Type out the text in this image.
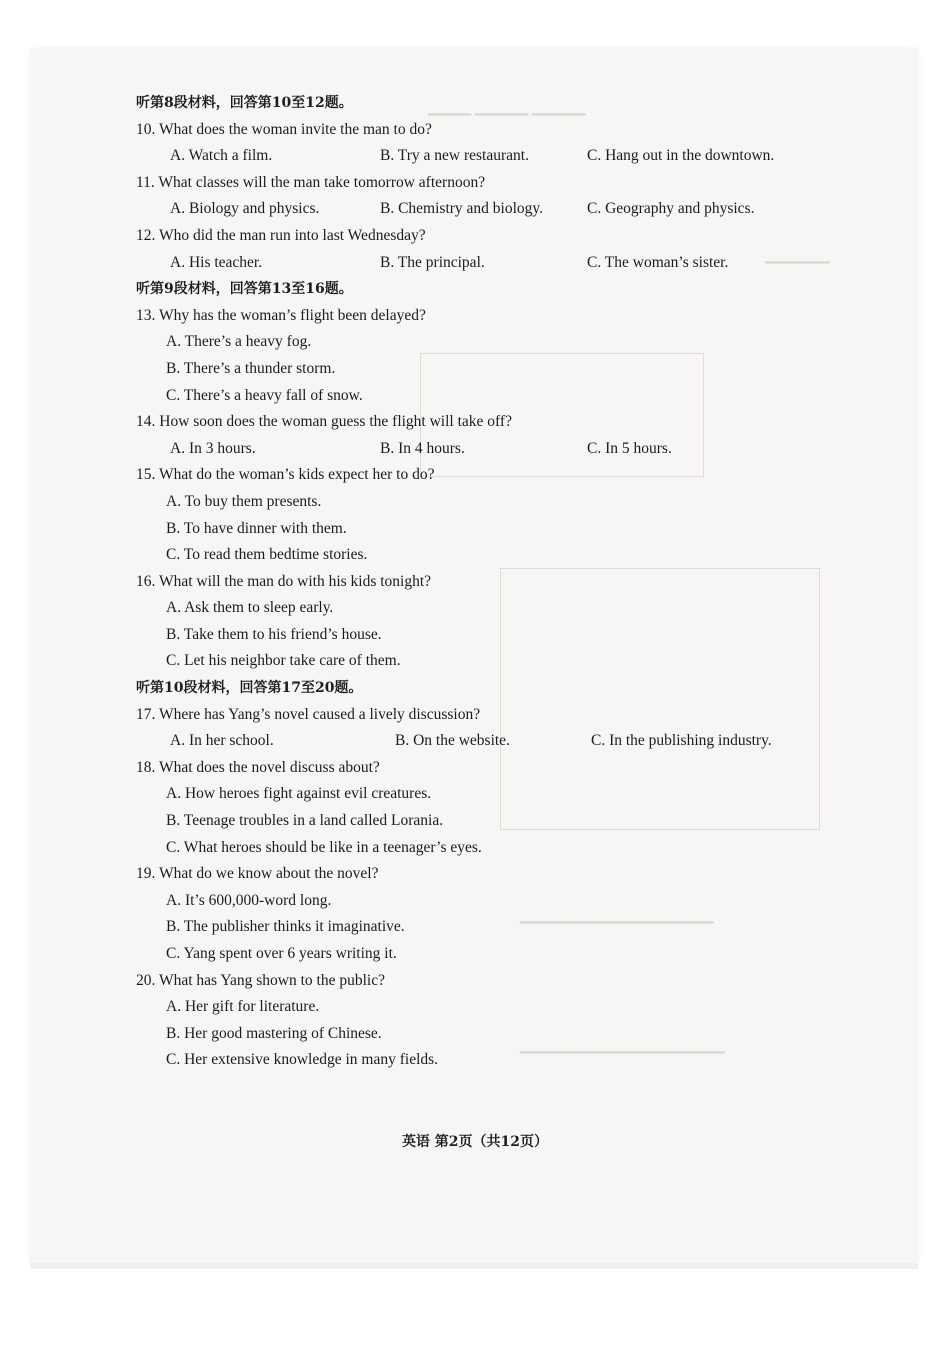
▁▁▁▁ ▁▁▁▁▁ ▁▁▁▁▁
▁▁▁▁▁▁
▁▁▁▁▁▁▁▁▁▁▁▁▁▁▁▁▁▁
▁▁▁▁▁▁▁▁▁▁▁▁▁▁▁▁▁▁▁
听第8段材料，回答第10至12题。
10. What does the woman invite the man to do?
A. Watch a film.	B. Try a new restaurant.	C. Hang out in the downtown.
11. What classes will the man take tomorrow afternoon?
A. Biology and physics.	B. Chemistry and biology.	C. Geography and physics.
12. Who did the man run into last Wednesday?
A. His teacher.	B. The principal.	C. The woman’s sister.
听第9段材料，回答第13至16题。
13. Why has the woman’s flight been delayed?
A. There’s a heavy fog.
B. There’s a thunder storm.
C. There’s a heavy fall of snow.
14. How soon does the woman guess the flight will take off?
A. In 3 hours.	B. In 4 hours.	C. In 5 hours.
15. What do the woman’s kids expect her to do?
A. To buy them presents.
B. To have dinner with them.
C. To read them bedtime stories.
16. What will the man do with his kids tonight?
A. Ask them to sleep early.
B. Take them to his friend’s house.
C. Let his neighbor take care of them.
听第10段材料，回答第17至20题。
17. Where has Yang’s novel caused a lively discussion?
A. In her school.	B. On the website.	C. In the publishing industry.
18. What does the novel discuss about?
A. How heroes fight against evil creatures.
B. Teenage troubles in a land called Lorania.
C. What heroes should be like in a teenager’s eyes.
19. What do we know about the novel?
A. It’s 600,000-word long.
B. The publisher thinks it imaginative.
C. Yang spent over 6 years writing it.
20. What has Yang shown to the public?
A. Her gift for literature.
B. Her good mastering of Chinese.
C. Her extensive knowledge in many fields.
英语 第2页（共12页）
